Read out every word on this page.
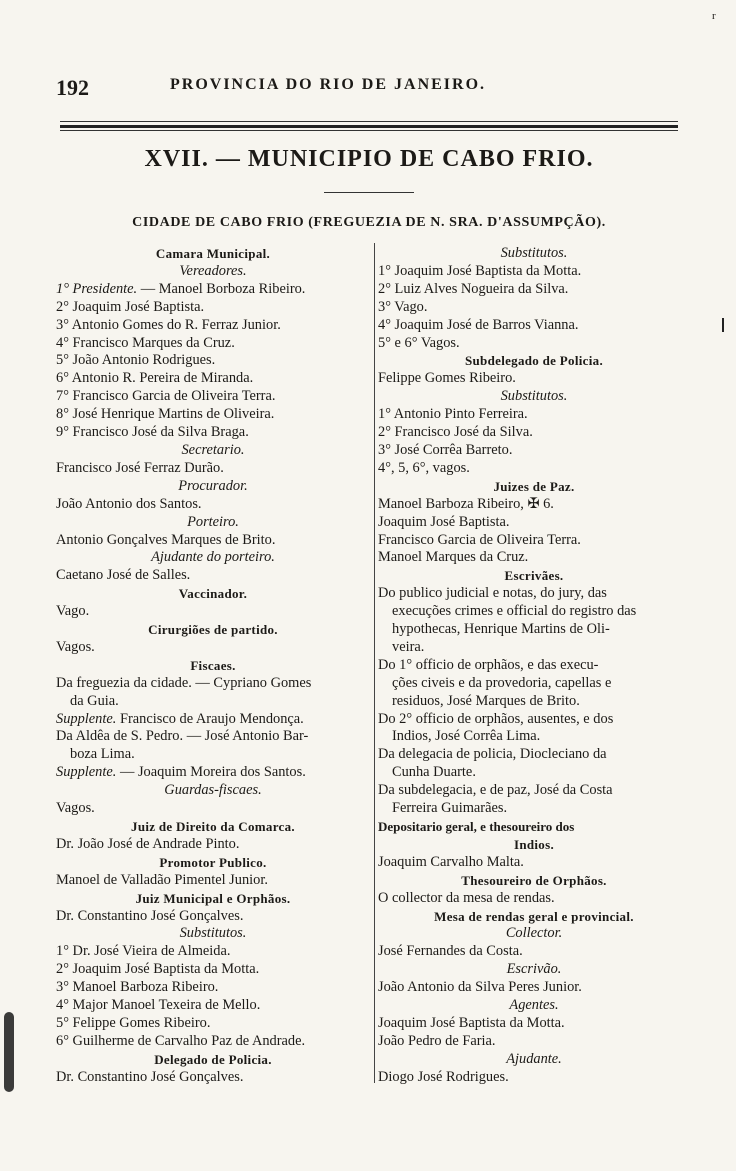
r
192	PROVINCIA DO RIO DE JANEIRO.
XVII. — MUNICIPIO DE CABO FRIO.
CIDADE DE CABO FRIO (FREGUEZIA DE N. SRA. D'ASSUMPÇÃO).
Camara Municipal.
Vereadores.
1° Presidente. — Manoel Borboza Ribeiro.
2° Joaquim José Baptista.
3° Antonio Gomes do R. Ferraz Junior.
4° Francisco Marques da Cruz.
5° João Antonio Rodrigues.
6° Antonio R. Pereira de Miranda.
7° Francisco Garcia de Oliveira Terra.
8° José Henrique Martins de Oliveira.
9° Francisco José da Silva Braga.
Secretario.
Francisco José Ferraz Durão.
Procurador.
João Antonio dos Santos.
Porteiro.
Antonio Gonçalves Marques de Brito.
Ajudante do porteiro.
Caetano José de Salles.
Vaccinador.
Vago.
Cirurgiões de partido.
Vagos.
Fiscaes.
Da freguezia da cidade. — Cypriano Gomes
da Guia.
Supplente. Francisco de Araujo Mendonça.
Da Aldêa de S. Pedro. — José Antonio Bar-
boza Lima.
Supplente. — Joaquim Moreira dos Santos.
Guardas-fiscaes.
Vagos.
Juiz de Direito da Comarca.
Dr. João José de Andrade Pinto.
Promotor Publico.
Manoel de Valladão Pimentel Junior.
Juiz Municipal e Orphãos.
Dr. Constantino José Gonçalves.
Substitutos.
1° Dr. José Vieira de Almeida.
2° Joaquim José Baptista da Motta.
3° Manoel Barboza Ribeiro.
4° Major Manoel Texeira de Mello.
5° Felippe Gomes Ribeiro.
6° Guilherme de Carvalho Paz de Andrade.
Delegado de Policia.
Dr. Constantino José Gonçalves.
Substitutos.
1° Joaquim José Baptista da Motta.
2° Luiz Alves Nogueira da Silva.
3° Vago.
4° Joaquim José de Barros Vianna.
5° e 6° Vagos.
Subdelegado de Policia.
Felippe Gomes Ribeiro.
Substitutos.
1° Antonio Pinto Ferreira.
2° Francisco José da Silva.
3° José Corrêa Barreto.
4°, 5, 6°, vagos.
Juizes de Paz.
Manoel Barboza Ribeiro, ✠ 6.
Joaquim José Baptista.
Francisco Garcia de Oliveira Terra.
Manoel Marques da Cruz.
Escrivães.
Do publico judicial e notas, do jury, das
execuções crimes e official do registro das
hypothecas, Henrique Martins de Oli-
veira.
Do 1° officio de orphãos, e das execu-
ções civeis e da provedoria, capellas e
residuos, José Marques de Brito.
Do 2° officio de orphãos, ausentes, e dos
Indios, José Corrêa Lima.
Da delegacia de policia, Diocleciano da
Cunha Duarte.
Da subdelegacia, e de paz, José da Costa
Ferreira Guimarães.
Depositario geral, e thesoureiro dos
Indios.
Joaquim Carvalho Malta.
Thesoureiro de Orphãos.
O collector da mesa de rendas.
Mesa de rendas geral e provincial.
Collector.
José Fernandes da Costa.
Escrivão.
João Antonio da Silva Peres Junior.
Agentes.
Joaquim José Baptista da Motta.
João Pedro de Faria.
Ajudante.
Diogo José Rodrigues.
